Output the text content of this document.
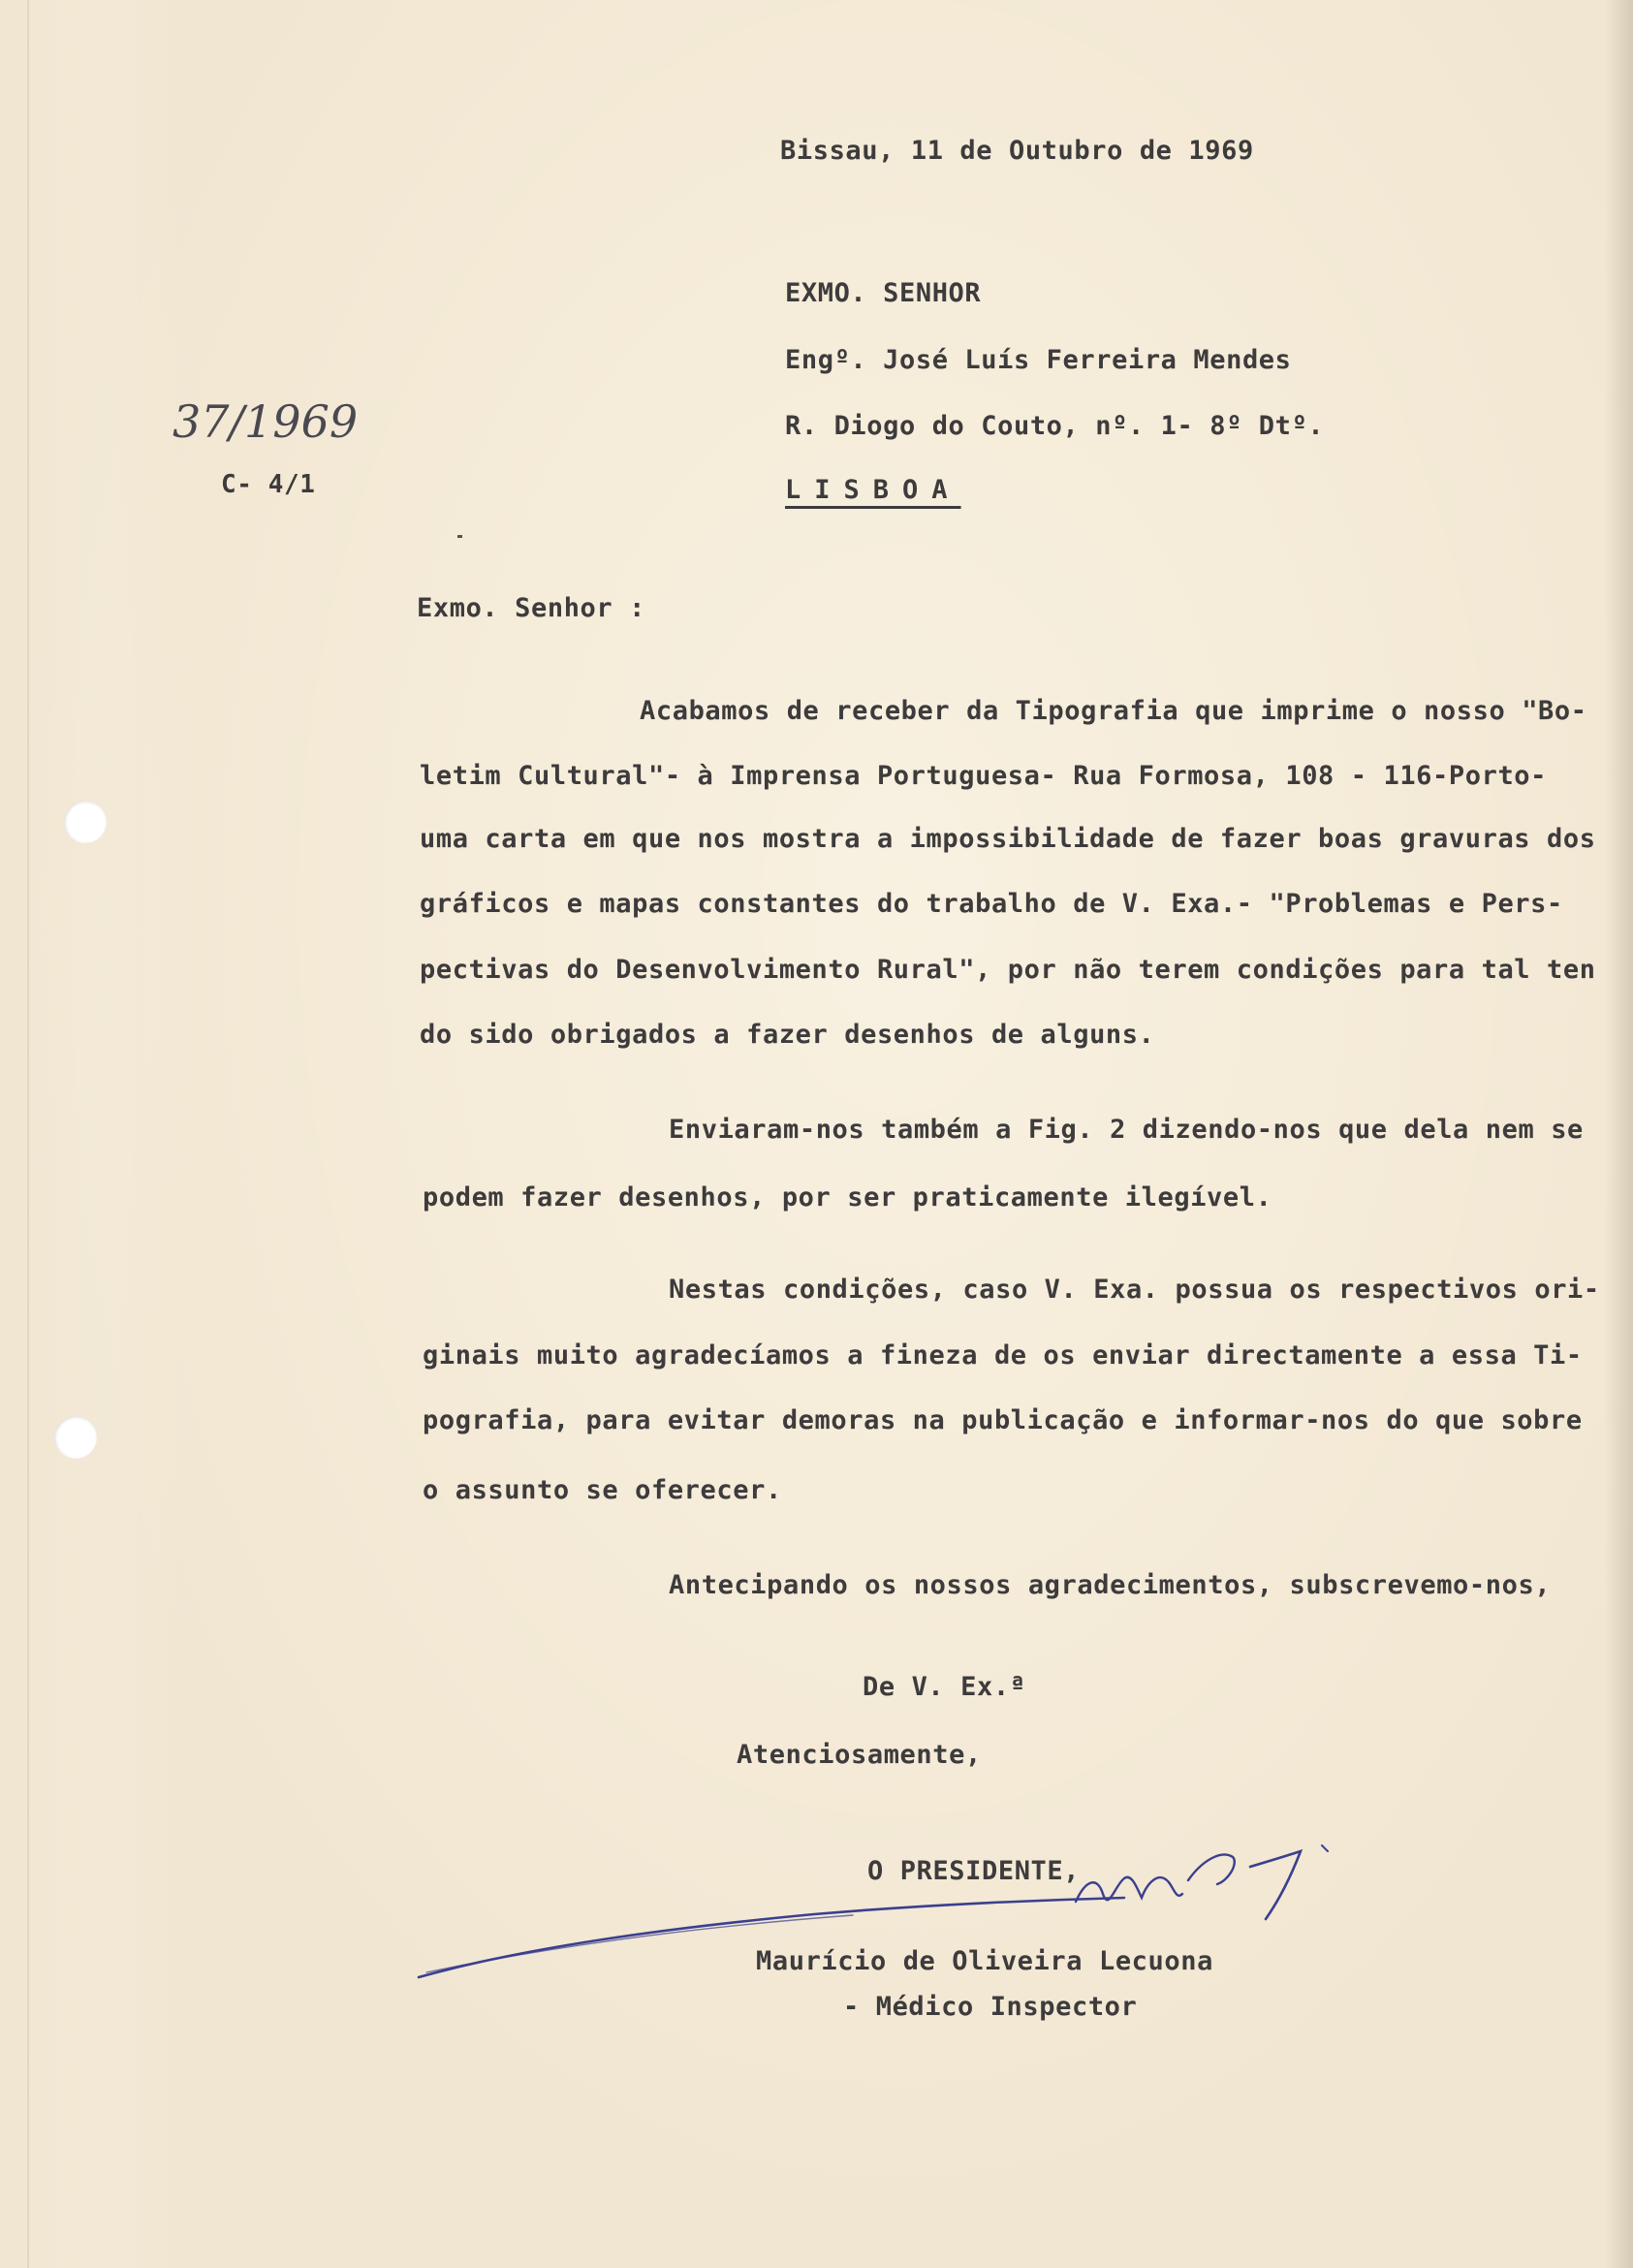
Bissau, 11 de Outubro de 1969

EXMO. SENHOR

Engº. José Luís Ferreira Mendes

R. Diogo do Couto, nº. 1- 8º Dtº.

LISBOA

37/1969

C- 4/1

Exmo. Senhor :

Acabamos de receber da Tipografia que imprime o nosso "Bo-

letim Cultural"- à Imprensa Portuguesa- Rua Formosa, 108 - 116-Porto-

uma carta em que nos mostra a impossibilidade de fazer boas gravuras dos

gráficos e mapas constantes do trabalho de V. Exa.- "Problemas e Pers-

pectivas do Desenvolvimento Rural", por não terem condições para tal ten

do sido obrigados a fazer desenhos de alguns.

Enviaram-nos também a Fig. 2 dizendo-nos que dela nem se

podem fazer desenhos, por ser praticamente ilegível.

Nestas condições, caso V. Exa. possua os respectivos ori-

ginais muito agradecíamos a fineza de os enviar directamente a essa Ti-

pografia, para evitar demoras na publicação e informar-nos do que sobre

o assunto se oferecer.

Antecipando os nossos agradecimentos, subscrevemo-nos,

De V. Ex.ª

Atenciosamente,

O PRESIDENTE,

Maurício de Oliveira Lecuona

- Médico Inspector
